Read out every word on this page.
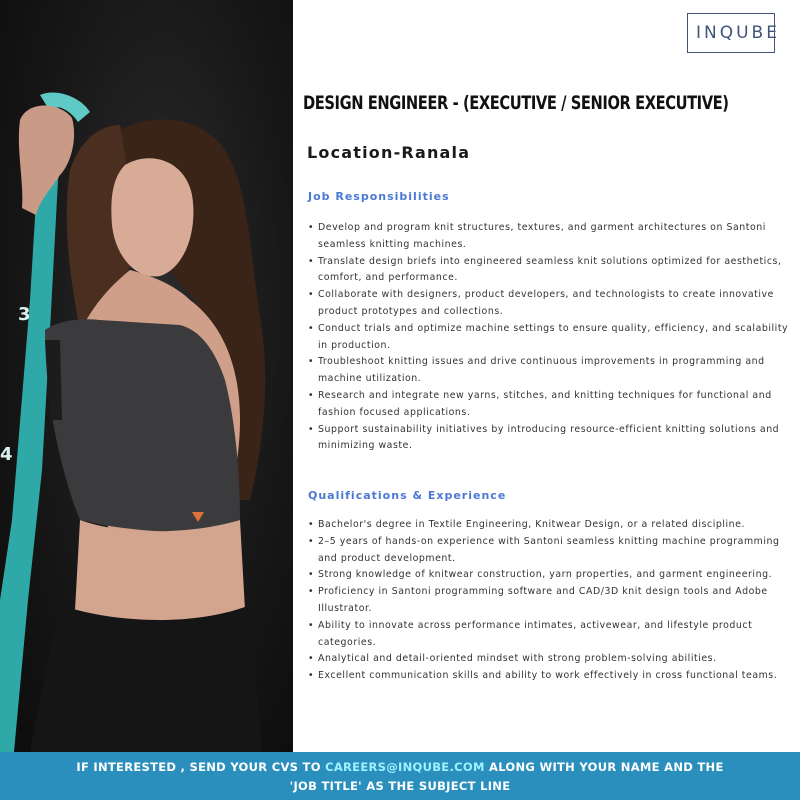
3
4
INQUBE
DESIGN ENGINEER - (EXECUTIVE / SENIOR EXECUTIVE)
Location-Ranala
Job Responsibilities
• Develop and program knit structures, textures, and garment architectures on Santoni seamless knitting machines.
• Translate design briefs into engineered seamless knit solutions optimized for aesthetics, comfort, and performance.
• Collaborate with designers, product developers, and technologists to create innovative product prototypes and collections.
• Conduct trials and optimize machine settings to ensure quality, efficiency, and scalability in production.
• Troubleshoot knitting issues and drive continuous improvements in programming and machine utilization.
• Research and integrate new yarns, stitches, and knitting techniques for functional and fashion focused applications.
• Support sustainability initiatives by introducing resource-efficient knitting solutions and minimizing waste.
Qualifications & Experience
• Bachelor's degree in Textile Engineering, Knitwear Design, or a related discipline.
• 2–5 years of hands-on experience with Santoni seamless knitting machine programming and product development.
• Strong knowledge of knitwear construction, yarn properties, and garment engineering.
• Proficiency in Santoni programming software and CAD/3D knit design tools and Adobe Illustrator.
• Ability to innovate across performance intimates, activewear, and lifestyle product categories.
• Analytical and detail-oriented mindset with strong problem-solving abilities.
• Excellent communication skills and ability to work effectively in cross functional teams.
IF INTERESTED , SEND YOUR CVS TO CAREERS@INQUBE.COM ALONG WITH YOUR NAME AND THE
'JOB TITLE' AS THE SUBJECT LINE
